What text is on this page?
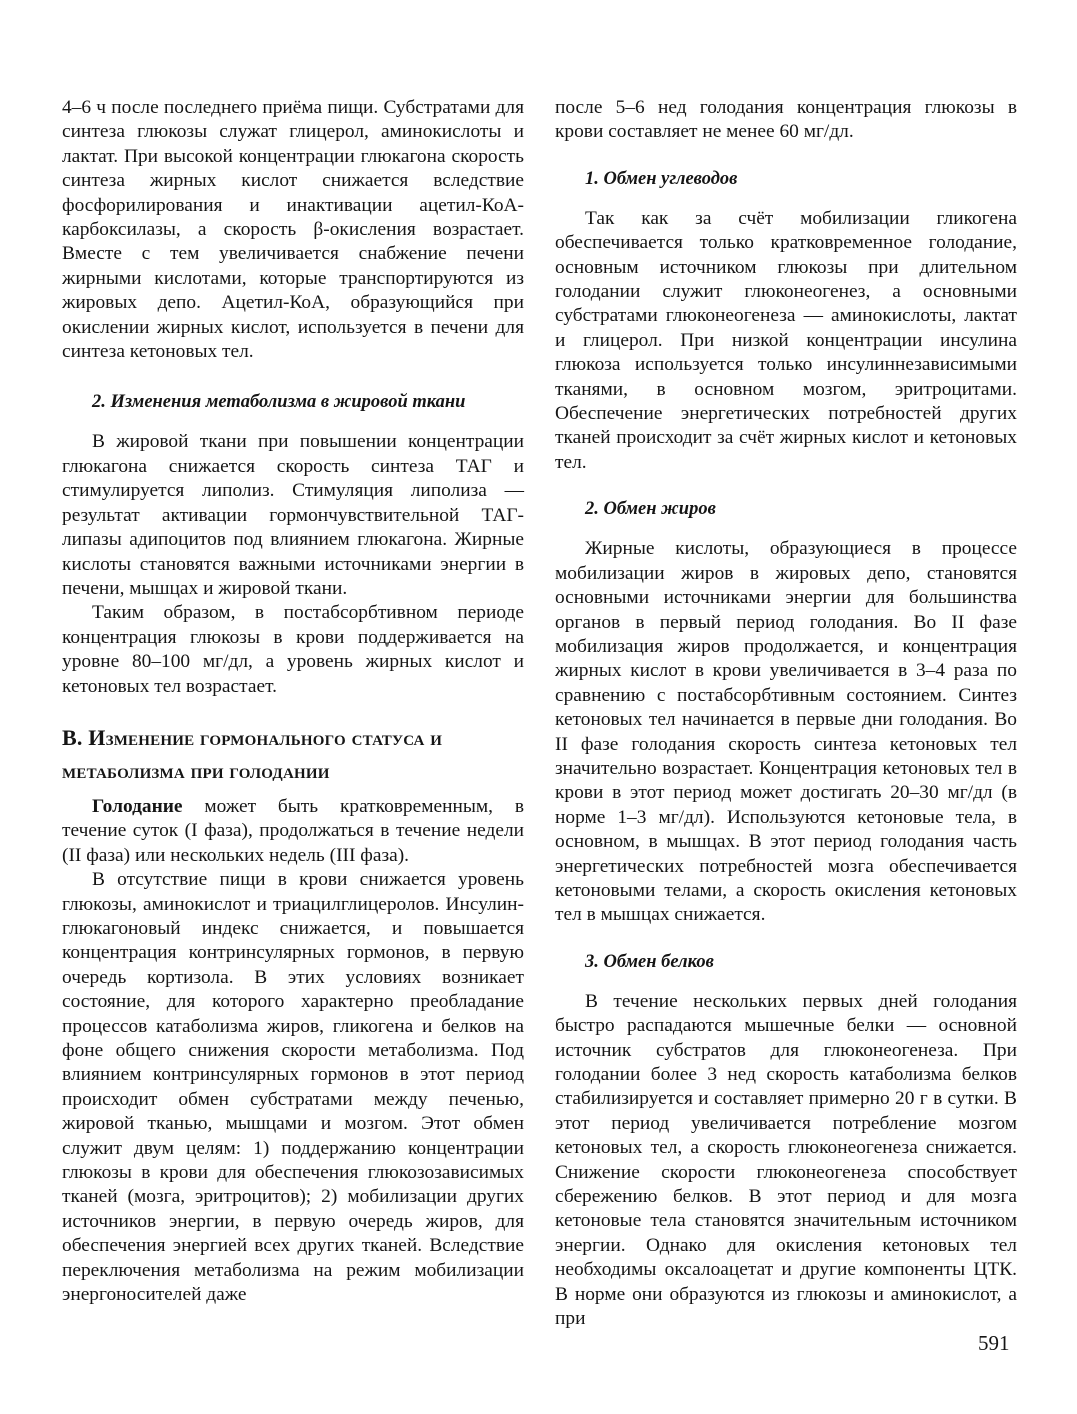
4–6 ч после последнего приёма пищи. Субстратами для синтеза глюкозы служат глицерол, аминокислоты и лактат. При высокой концентрации глюкагона скорость синтеза жирных кислот снижается вследствие фосфорилирования и инактивации ацетил-КоА-карбоксилазы, а скорость β-окисления возрастает. Вместе с тем увеличивается снабжение печени жирными кислотами, которые транспортируются из жировых депо. Ацетил-КоА, образующийся при окислении жирных кислот, используется в печени для синтеза кетоновых тел.

2. Изменения метаболизма в жировой ткани

В жировой ткани при повышении концентрации глюкагона снижается скорость синтеза ТАГ и стимулируется липолиз. Стимуляция липолиза — результат активации гормончувствительной ТАГ-липазы адипоцитов под влиянием глюкагона. Жирные кислоты становятся важными источниками энергии в печени, мышцах и жировой ткани.

Таким образом, в постабсорбтивном периоде концентрация глюкозы в крови поддерживается на уровне 80–100 мг/дл, а уровень жирных кислот и кетоновых тел возрастает.

В. Изменение гормонального статуса и метаболизма при голодании

Голодание может быть кратковременным, в течение суток (I фаза), продолжаться в течение недели (II фаза) или нескольких недель (III фаза).

В отсутствие пищи в крови снижается уровень глюкозы, аминокислот и триацилглицеролов. Инсулин-глюкагоновый индекс снижается, и повышается концентрация контринсулярных гормонов, в первую очередь кортизола. В этих условиях возникает состояние, для которого характерно преобладание процессов катаболизма жиров, гликогена и белков на фоне общего снижения скорости метаболизма. Под влиянием контринсулярных гормонов в этот период происходит обмен субстратами между печенью, жировой тканью, мышцами и мозгом. Этот обмен служит двум целям: 1) поддержанию концентрации глюкозы в крови для обеспечения глюкозозависимых тканей (мозга, эритроцитов); 2) мобилизации других источников энергии, в первую очередь жиров, для обеспечения энергией всех других тканей. Вследствие переключения метаболизма на режим мобилизации энергоносителей даже

после 5–6 нед голодания концентрация глюкозы в крови составляет не менее 60 мг/дл.

1. Обмен углеводов

Так как за счёт мобилизации гликогена обеспечивается только кратковременное голодание, основным источником глюкозы при длительном голодании служит глюконеогенез, а основными субстратами глюконеогенеза — аминокислоты, лактат и глицерол. При низкой концентрации инсулина глюкоза используется только инсулиннезависимыми тканями, в основном мозгом, эритроцитами. Обеспечение энергетических потребностей других тканей происходит за счёт жирных кислот и кетоновых тел.

2. Обмен жиров

Жирные кислоты, образующиеся в процессе мобилизации жиров в жировых депо, становятся основными источниками энергии для большинства органов в первый период голодания. Во II фазе мобилизация жиров продолжается, и концентрация жирных кислот в крови увеличивается в 3–4 раза по сравнению с постабсорбтивным состоянием. Синтез кетоновых тел начинается в первые дни голодания. Во II фазе голодания скорость синтеза кетоновых тел значительно возрастает. Концентрация кетоновых тел в крови в этот период может достигать 20–30 мг/дл (в норме 1–3 мг/дл). Используются кетоновые тела, в основном, в мышцах. В этот период голодания часть энергетических потребностей мозга обеспечивается кетоновыми телами, а скорость окисления кетоновых тел в мышцах снижается.

3. Обмен белков

В течение нескольких первых дней голодания быстро распадаются мышечные белки — основной источник субстратов для глюконеогенеза. При голодании более 3 нед скорость катаболизма белков стабилизируется и составляет примерно 20 г в сутки. В этот период увеличивается потребление мозгом кетоновых тел, а скорость глюконеогенеза снижается. Снижение скорости глюконеогенеза способствует сбережению белков. В этот период и для мозга кетоновые тела становятся значительным источником энергии. Однако для окисления кетоновых тел необходимы оксалоацетат и другие компоненты ЦТК. В норме они образуются из глюкозы и аминокислот, а при

591
